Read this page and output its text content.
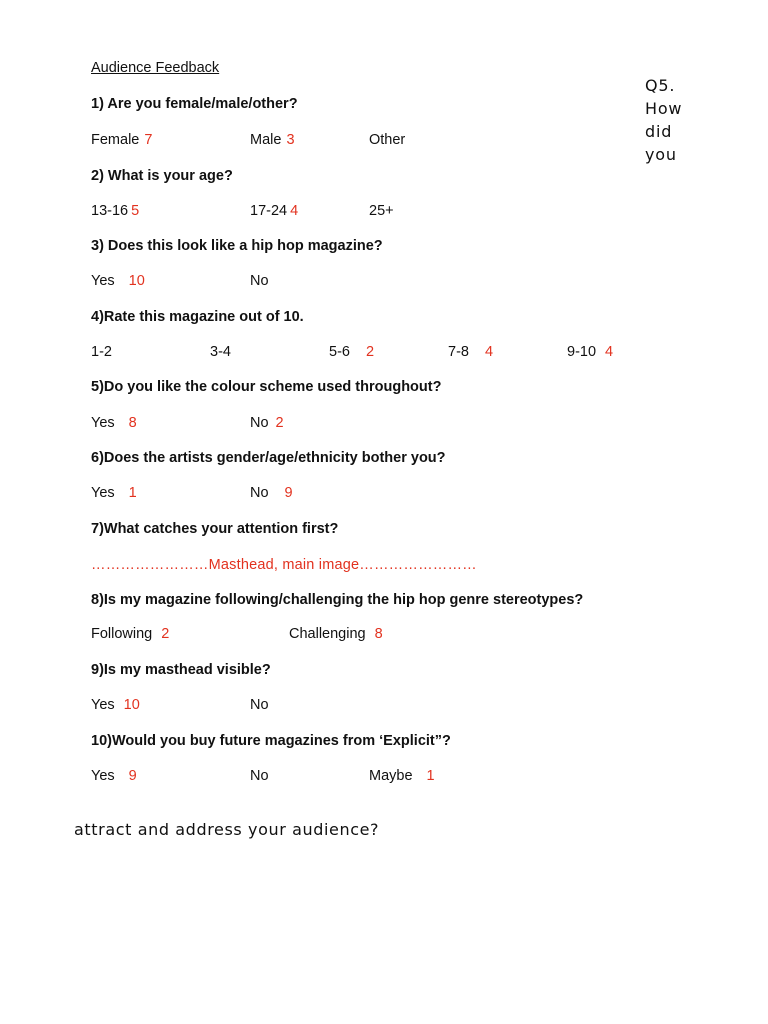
Audience Feedback
1) Are you female/male/other?
Female 7	Male 3	Other
2) What is your age?
13-16 5	17-24 4	25+
3) Does this look like a hip hop magazine?
Yes 10	No
4)Rate this magazine out of 10.
1-2	3-4	5-6 2	7-8 4	9-10 4
5)Do you like the colour scheme used throughout?
Yes 8	No 2
6)Does the artists gender/age/ethnicity bother you?
Yes 1	No 9
7)What catches your attention first?
……………………Masthead, main image……………………
8)Is my magazine following/challenging the hip hop genre stereotypes?
Following 2	Challenging 8
9)Is my masthead visible?
Yes 10	No
10)Would you buy future magazines from ‘Explicit”?
Yes 9	No	Maybe 1
Q5.
How
did
you
attract and address your audience?
